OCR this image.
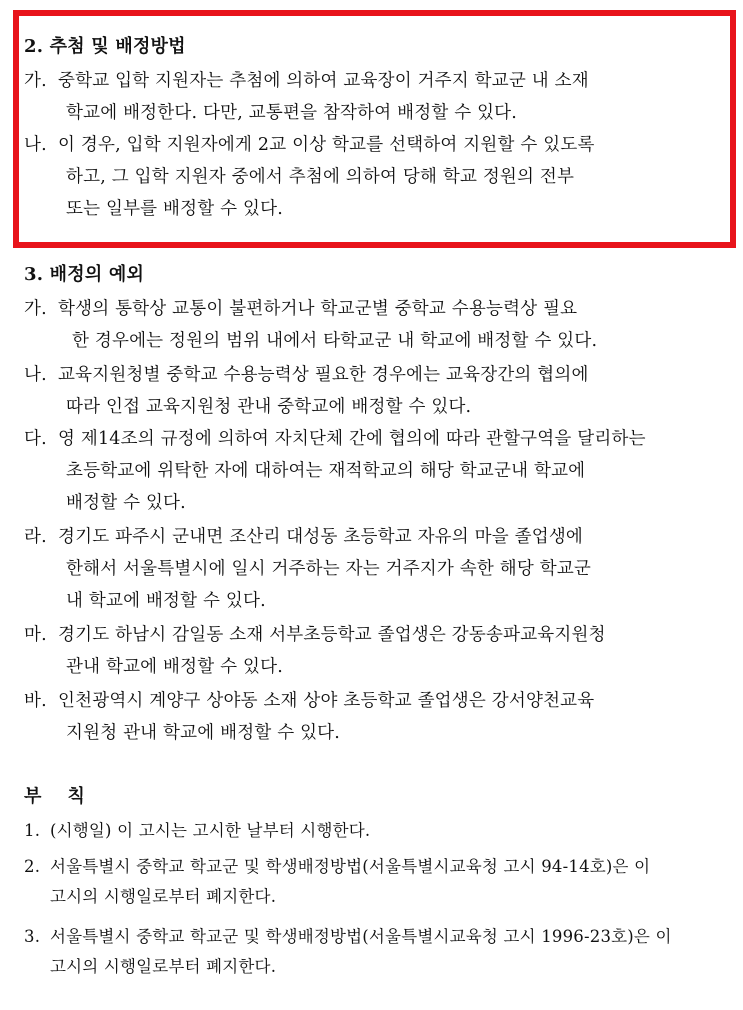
2. 추첨 및 배정방법
가. 중학교 입학 지원자는 추첨에 의하여 교육장이 거주지 학교군 내 소재
학교에 배정한다. 다만, 교통편을 참작하여 배정할 수 있다.
나. 이 경우, 입학 지원자에게 2교 이상 학교를 선택하여 지원할 수 있도록
하고, 그 입학 지원자 중에서 추첨에 의하여 당해 학교 정원의 전부
또는 일부를 배정할 수 있다.
3. 배정의 예외
가. 학생의 통학상 교통이 불편하거나 학교군별 중학교 수용능력상 필요
한 경우에는 정원의 범위 내에서 타학교군 내 학교에 배정할 수 있다.
나. 교육지원청별 중학교 수용능력상 필요한 경우에는 교육장간의 협의에
따라 인접 교육지원청 관내 중학교에 배정할 수 있다.
다. 영 제14조의 규정에 의하여 자치단체 간에 협의에 따라 관할구역을 달리하는
초등학교에 위탁한 자에 대하여는 재적학교의 해당 학교군내 학교에
배정할 수 있다.
라. 경기도 파주시 군내면 조산리 대성동 초등학교 자유의 마을 졸업생에
한해서 서울특별시에 일시 거주하는 자는 거주지가 속한 해당 학교군
내 학교에 배정할 수 있다.
마. 경기도 하남시 감일동 소재 서부초등학교 졸업생은 강동송파교육지원청
관내 학교에 배정할 수 있다.
바. 인천광역시 계양구 상야동 소재 상야 초등학교 졸업생은 강서양천교육
지원청 관내 학교에 배정할 수 있다.
부    칙
1. (시행일) 이 고시는 고시한 날부터 시행한다.
2. 서울특별시 중학교 학교군 및 학생배정방법(서울특별시교육청 고시 94-14호)은 이
고시의 시행일로부터 폐지한다.
3. 서울특별시 중학교 학교군 및 학생배정방법(서울특별시교육청 고시 1996-23호)은 이
고시의 시행일로부터 폐지한다.
